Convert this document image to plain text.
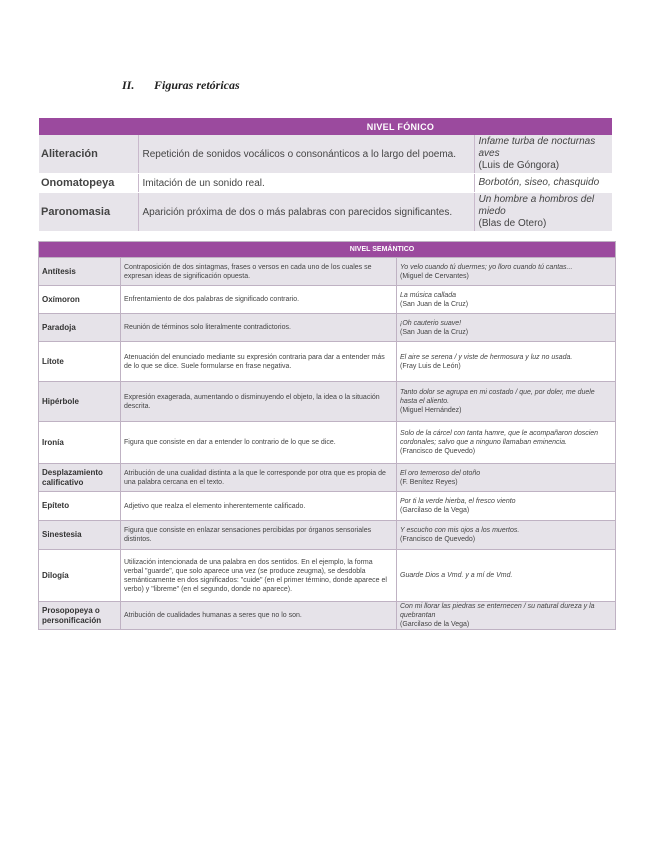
II. Figuras retóricas
NIVEL FÓNICO		
Aliteración	Repetición de sonidos vocálicos o consonánticos a lo largo del poema.	Infame turba de nocturnas aves
(Luis de Góngora)

Onomatopeya	Imitación de un sonido real.	Borbotón, siseo, chasquido

Paronomasia	Aparición próxima de dos o más palabras con parecidos significantes.	Un hombre a hombros del miedo
(Blas de Otero)
NIVEL SEMÁNTICO		
Antítesis	Contraposición de dos sintagmas, frases o versos en cada uno de los cuales se expresan ideas de significación opuesta.	Yo velo cuando tú duermes; yo lloro cuando tú cantas...
(Miguel de Cervantes)

Oxímoron	Enfrentamiento de dos palabras de significado contrario.	La música callada
(San Juan de la Cruz)

Paradoja	Reunión de términos solo literalmente contradictorios.	¡Oh cauterio suave!
(San Juan de la Cruz)

Lítote	Atenuación del enunciado mediante su expresión contraria para dar a entender más de lo que se dice. Suele formularse en frase negativa.	El aire se serena / y viste de hermosura y luz no usada.
(Fray Luis de León)

Hipérbole	Expresión exagerada, aumentando o disminuyendo el objeto, la idea o la situación descrita.	Tanto dolor se agrupa en mi costado / que, por doler, me duele hasta el aliento.
(Miguel Hernández)

Ironía	Figura que consiste en dar a entender lo contrario de lo que se dice.	Solo de la cárcel con tanta hamre, que le acompañaron doscien cordonales; salvo que a ninguno llamaban eminencia.
(Francisco de Quevedo)

Desplazamiento calificativo	Atribución de una cualidad distinta a la que le corresponde por otra que es propia de una palabra cercana en el texto.	El oro temeroso del otoño
(F. Benítez Reyes)

Epíteto	Adjetivo que realza el elemento inherentemente calificado.	Por ti la verde hierba, el fresco viento
(Garcilaso de la Vega)

Sinestesia	Figura que consiste en enlazar sensaciones percibidas por órganos sensoriales distintos.	Y escucho con mis ojos a los muertos.
(Francisco de Quevedo)

Dilogía	Utilización intencionada de una palabra en dos sentidos. En el ejemplo, la forma verbal "guarde", que solo aparece una vez (se produce zeugma), se desdobla semánticamente en dos significados: "cuide" (en el primer término, donde aparece el verbo) y "libreme" (en el segundo, donde no aparece).	Guarde Dios a Vmd. y a mí de Vmd.

Prosopopeya o personificación	Atribución de cualidades humanas a seres que no lo son.	Con mi llorar las piedras se enternecen / su natural dureza y la quebrantan
(Garcilaso de la Vega)
